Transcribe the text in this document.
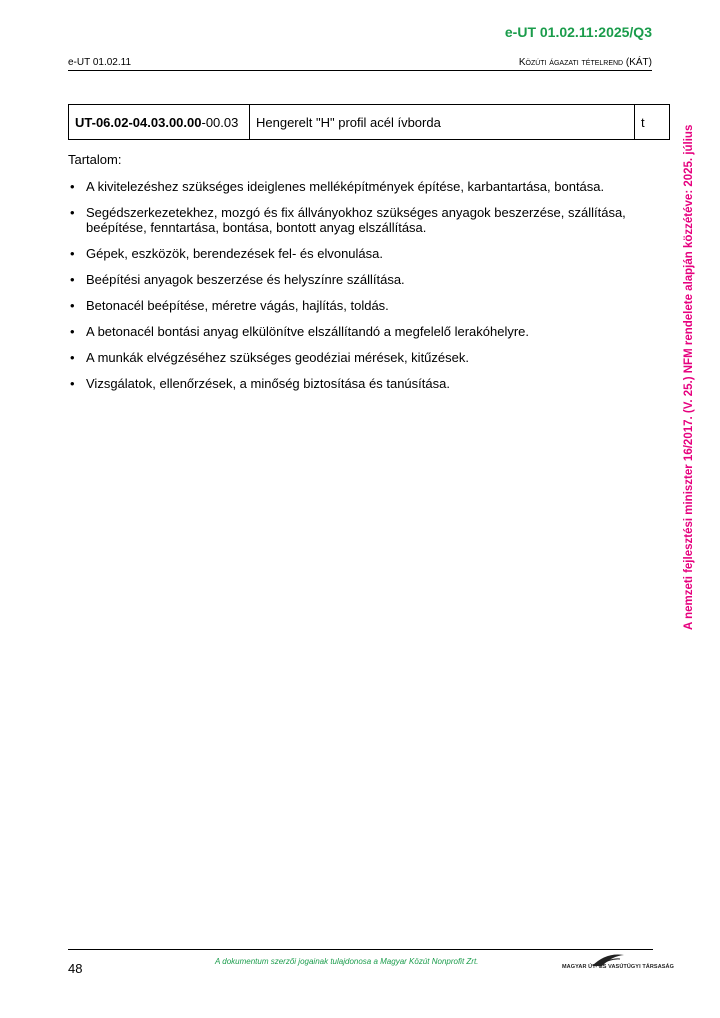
e-UT 01.02.11:2025/Q3
e-UT 01.02.11	Közúti ágazati tételrend (KÁT)
A nemzeti fejlesztési miniszter 16/2017. (V. 25.) NFM rendelete alapján közzétéve: 2025. július
UT-06.02-04.03.00.00-00.03	Hengerelt "H" profil acél ívborda	t

Tartalom:

• A kivitelezéshez szükséges ideiglenes melléképítmények építése, karbantartása, bontása.
• Segédszerkezetekhez, mozgó és fix állványokhoz szükséges anyagok beszerzése, szállítása, beépítése, fenntartása, bontása, bontott anyag elszállítása.
• Gépek, eszközök, berendezések fel- és elvonulása.
• Beépítési anyagok beszerzése és helyszínre szállítása.
• Betonacél beépítése, méretre vágás, hajlítás, toldás.
• A betonacél bontási anyag elkülönítve elszállítandó a megfelelő lerakóhelyre.
• A munkák elvégzéséhez szükséges geodéziai mérések, kitűzések.
• Vizsgálatok, ellenőrzések, a minőség biztosítása és tanúsítása.
48	A dokumentum szerzői jogainak tulajdonosa a Magyar Közút Nonprofit Zrt.
MAGYAR ÚT- ÉS VASÚTÜGYI TÁRSASÁG
